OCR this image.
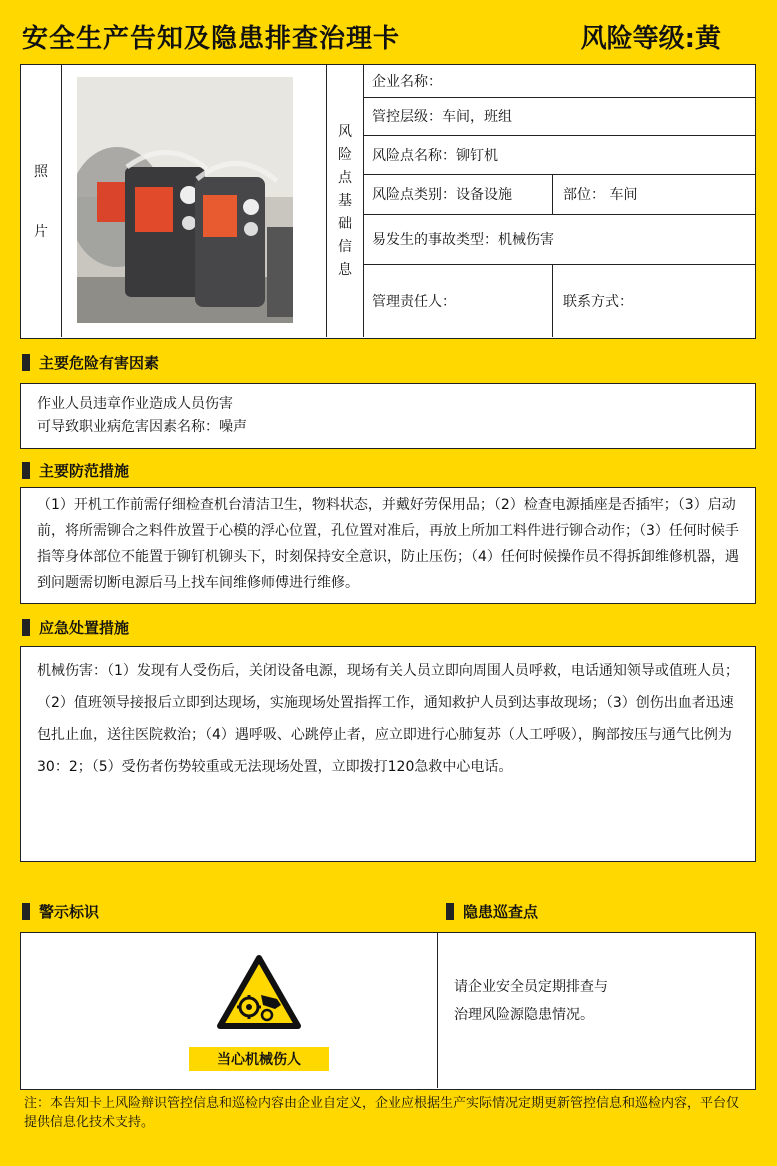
安全生产告知及隐患排查治理卡	风险等级:黄
照
片
风
险
点
基
础
信
息
企业名称：
管控层级：车间，班组
风险点名称：铆钉机
风险点类别：设备设施	部位： 车间
易发生的事故类型：机械伤害
管理责任人：	联系方式：
主要危险有害因素
作业人员违章作业造成人员伤害
可导致职业病危害因素名称：噪声
主要防范措施
（1）开机工作前需仔细检查机台清洁卫生，物料状态，并戴好劳保用品；（2）检查电源插座是否插牢；（3）启动前，将所需铆合之料件放置于心模的浮心位置，孔位置对准后，再放上所加工料件进行铆合动作；（3）任何时候手指等身体部位不能置于铆钉机铆头下，时刻保持安全意识，防止压伤；（4）任何时候操作员不得拆卸维修机器，遇到问题需切断电源后马上找车间维修师傅进行维修。
应急处置措施
机械伤害：（1）发现有人受伤后，关闭设备电源，现场有关人员立即向周围人员呼救，电话通知领导或值班人员；（2）值班领导接报后立即到达现场，实施现场处置指挥工作，通知救护人员到达事故现场；（3）创伤出血者迅速包扎止血，送往医院救治；（4）遇呼吸、心跳停止者，应立即进行心肺复苏（人工呼吸），胸部按压与通气比例为 30：2；（5）受伤者伤势较重或无法现场处置，立即拨打120急救中心电话。
警示标识	隐患巡查点
当心机械伤人
请企业安全员定期排查与
治理风险源隐患情况。
注：本告知卡上风险辩识管控信息和巡检内容由企业自定义，企业应根据生产实际情况定期更新管控信息和巡检内容，平台仅提供信息化技术支持。
